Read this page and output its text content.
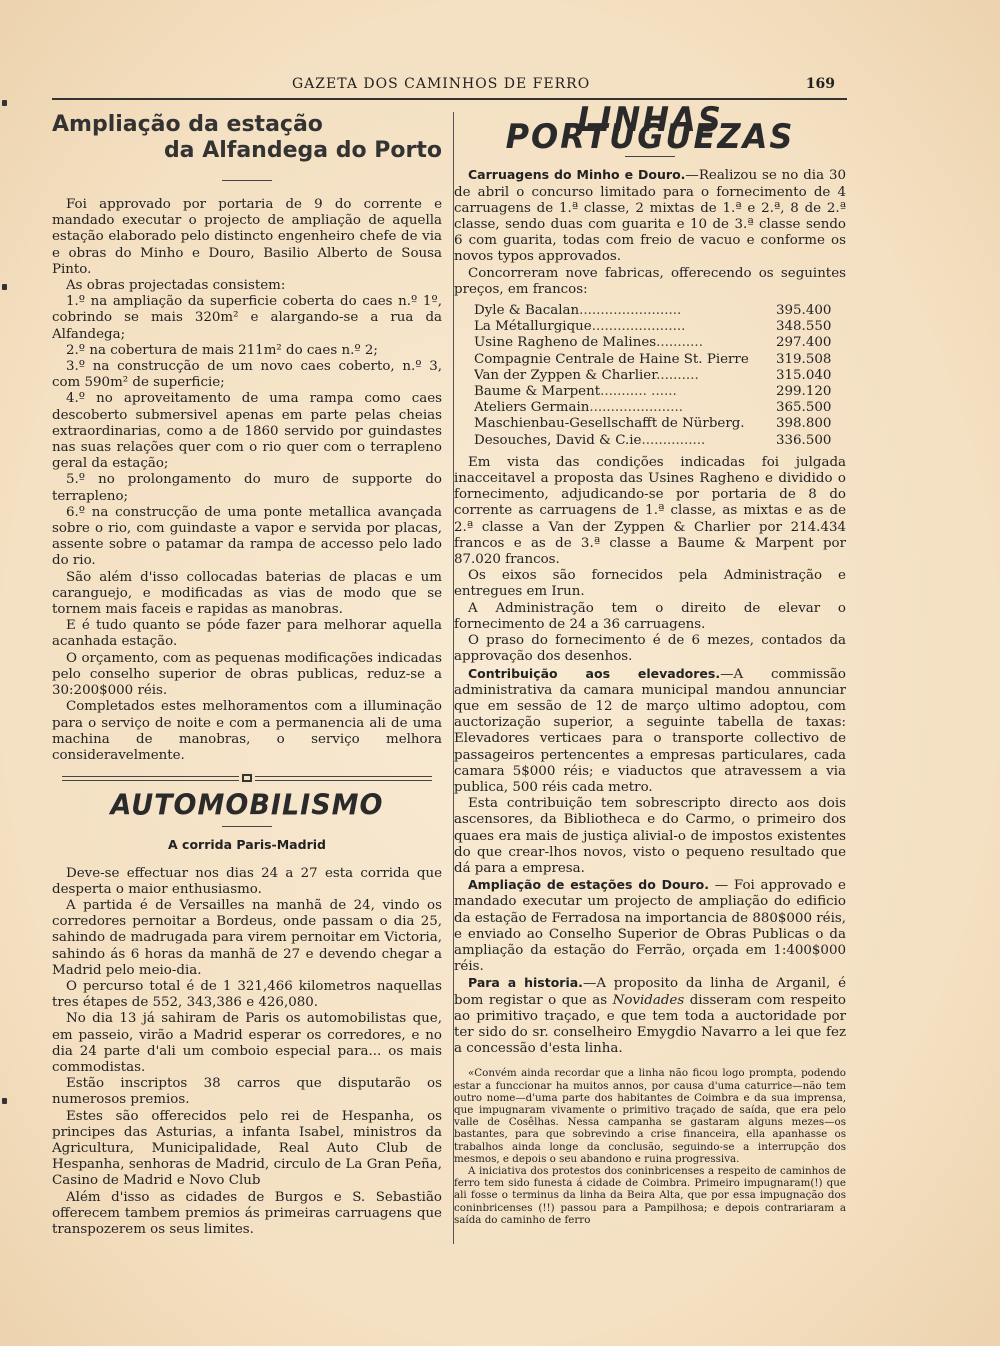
GAZETA DOS CAMINHOS DE FERRO	169
Ampliação da estação
da Alfandega do Porto

Foi approvado por portaria de 9 do corrente e mandado executar o projecto de ampliação de aquella estação elaborado pelo distincto engenheiro chefe de via e obras do Minho e Douro, Basilio Alberto de Sousa Pinto.

As obras projectadas consistem:

1.º na ampliação da superficie coberta do caes n.º 1º, cobrindo se mais 320m² e alargando-se a rua da Alfandega;

2.º na cobertura de mais 211m² do caes n.º 2;

3.º na construcção de um novo caes coberto, n.º 3, com 590m² de superficie;

4.º no aproveitamento de uma rampa como caes descoberto submersivel apenas em parte pelas cheias extraordinarias, como a de 1860 servido por guindastes nas suas relações quer com o rio quer com o terrapleno geral da estação;

5.º no prolongamento do muro de supporte do terrapleno;

6.º na construcção de uma ponte metallica avançada sobre o rio, com guindaste a vapor e servida por placas, assente sobre o patamar da rampa de accesso pelo lado do rio.

São além d'isso collocadas baterias de placas e um caranguejo, e modificadas as vias de modo que se tornem mais faceis e rapidas as manobras.

E é tudo quanto se póde fazer para melhorar aquella acanhada estação.

O orçamento, com as pequenas modificações indicadas pelo conselho superior de obras publicas, reduz-se a 30:200$000 réis.

Completados estes melhoramentos com a illuminação para o serviço de noite e com a permanencia ali de uma machina de manobras, o serviço melhora consideravelmente.

AUTOMOBILISMO
A corrida Paris-Madrid

Deve-se effectuar nos dias 24 a 27 esta corrida que desperta o maior enthusiasmo.

A partida é de Versailles na manhã de 24, vindo os corredores pernoitar a Bordeus, onde passam o dia 25, sahindo de madrugada para virem pernoitar em Victoria, sahindo ás 6 horas da manhã de 27 e devendo chegar a Madrid pelo meio-dia.

O percurso total é de 1 321,466 kilometros naquellas tres étapes de 552, 343,386 e 426,080.

No dia 13 já sahiram de Paris os automobilistas que, em passeio, virão a Madrid esperar os corredores, e no dia 24 parte d'ali um comboio especial para... os mais commodistas.

Estão inscriptos 38 carros que disputarão os numerosos premios.

Estes são offerecidos pelo rei de Hespanha, os principes das Asturias, a infanta Isabel, ministros da Agricultura, Municipalidade, Real Auto Club de Hespanha, senhoras de Madrid, circulo de La Gran Peña, Casino de Madrid e Novo Club

Além d'isso as cidades de Burgos e S. Sebastião offerecem tambem premios ás primeiras carruagens que transpozerem os seus limites.

LINHAS PORTUGUEZAS

Carruagens do Minho e Douro.—Realizou se no dia 30 de abril o concurso limitado para o fornecimento de 4 carruagens de 1.ª classe, 2 mixtas de 1.ª e 2.ª, 8 de 2.ª classe, sendo duas com guarita e 10 de 3.ª classe sendo 6 com guarita, todas com freio de vacuo e conforme os novos typos approvados.

Concorreram nove fabricas, offerecendo os seguintes preços, em francos:

Dyle & Bacalan........................	395.400
La Métallurgique......................	348.550
Usine Ragheno de Malines...........	297.400
Compagnie Centrale de Haine St. Pierre	319.508
Van der Zyppen & Charlier..........	315.040
Baume & Marpent........... ......	299.120
Ateliers Germain......................	365.500
Maschienbau-Gesellschafft de Nürberg.	398.800
Desouches, David & C.ie...............	336.500

Em vista das condições indicadas foi julgada inacceitavel a proposta das Usines Ragheno e dividido o fornecimento, adjudicando-se por portaria de 8 do corrente as carruagens de 1.ª classe, as mixtas e as de 2.ª classe a Van der Zyppen & Charlier por 214.434 francos e as de 3.ª classe a Baume & Marpent por 87.020 francos.

Os eixos são fornecidos pela Administração e entregues em Irun.

A Administração tem o direito de elevar o fornecimento de 24 a 36 carruagens.

O praso do fornecimento é de 6 mezes, contados da approvação dos desenhos.

Contribuição aos elevadores.—A commissão administrativa da camara municipal mandou annunciar que em sessão de 12 de março ultimo adoptou, com auctorização superior, a seguinte tabella de taxas: Elevadores verticaes para o transporte collectivo de passageiros pertencentes a empresas particulares, cada camara 5$000 réis; e viaductos que atravessem a via publica, 500 réis cada metro.

Esta contribuição tem sobrescripto directo aos dois ascensores, da Bibliotheca e do Carmo, o primeiro dos quaes era mais de justiça alivial-o de impostos existentes do que crear-lhos novos, visto o pequeno resultado que dá para a empresa.

Ampliação de estações do Douro. — Foi approvado e mandado executar um projecto de ampliação do edificio da estação de Ferradosa na importancia de 880$000 réis, e enviado ao Conselho Superior de Obras Publicas o da ampliação da estação do Ferrão, orçada em 1:400$000 réis.

Para a historia.—A proposito da linha de Arganil, é bom registar o que as Novidades disseram com respeito ao primitivo traçado, e que tem toda a auctoridade por ter sido do sr. conselheiro Emygdio Navarro a lei que fez a concessão d'esta linha.

«Convém ainda recordar que a linha não ficou logo prompta, podendo estar a funccionar ha muitos annos, por causa d'uma caturrice—não tem outro nome—d'uma parte dos habitantes de Coimbra e da sua imprensa, que impugnaram vivamente o primitivo traçado de saída, que era pelo valle de Cosêlhas. Nessa campanha se gastaram alguns mezes—os bastantes, para que sobrevindo a crise financeira, ella apanhasse os trabalhos ainda longe da conclusão, seguindo-se a interrupção dos mesmos, e depois o seu abandono e ruina progressiva.

A iniciativa dos protestos dos coninbricenses a respeito de caminhos de ferro tem sido funesta á cidade de Coimbra. Primeiro impugnaram(!) que ali fosse o terminus da linha da Beira Alta, que por essa impugnação dos coninbricenses (!!) passou para a Pampilhosa; e depois contrariaram a saída do caminho de ferro
